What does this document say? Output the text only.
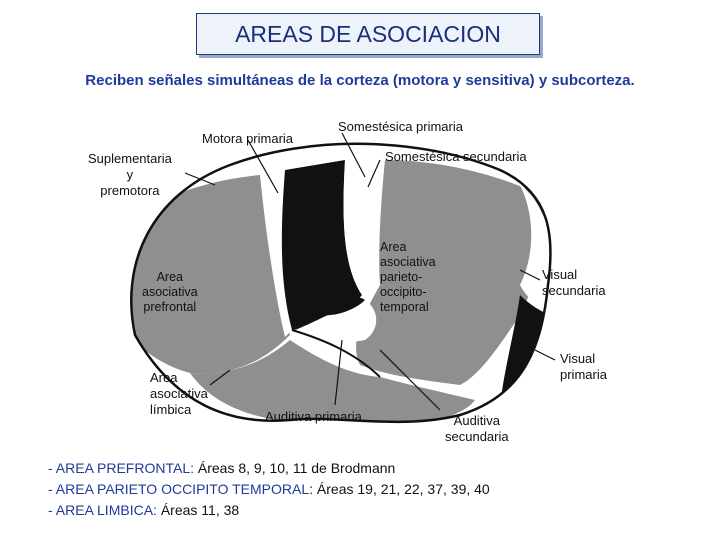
AREAS DE ASOCIACION
Reciben señales simultáneas de la corteza (motora y sensitiva) y subcorteza.
Motora primaria
Somestésica primaria
Somestésica secundaria
Suplementaria
y
premotora
Area
asociativa
prefrontal
Area
asociativa
parieto-
occipito-
temporal
Visual
secundaria
Visual
primaria
Area
asociativa
límbica	Auditiva primaria	Auditiva
secundaria
- AREA PREFRONTAL: Áreas 8, 9, 10, 11 de Brodmann
- AREA PARIETO OCCIPITO TEMPORAL: Áreas 19, 21, 22, 37, 39, 40
- AREA LIMBICA: Áreas 11, 38
